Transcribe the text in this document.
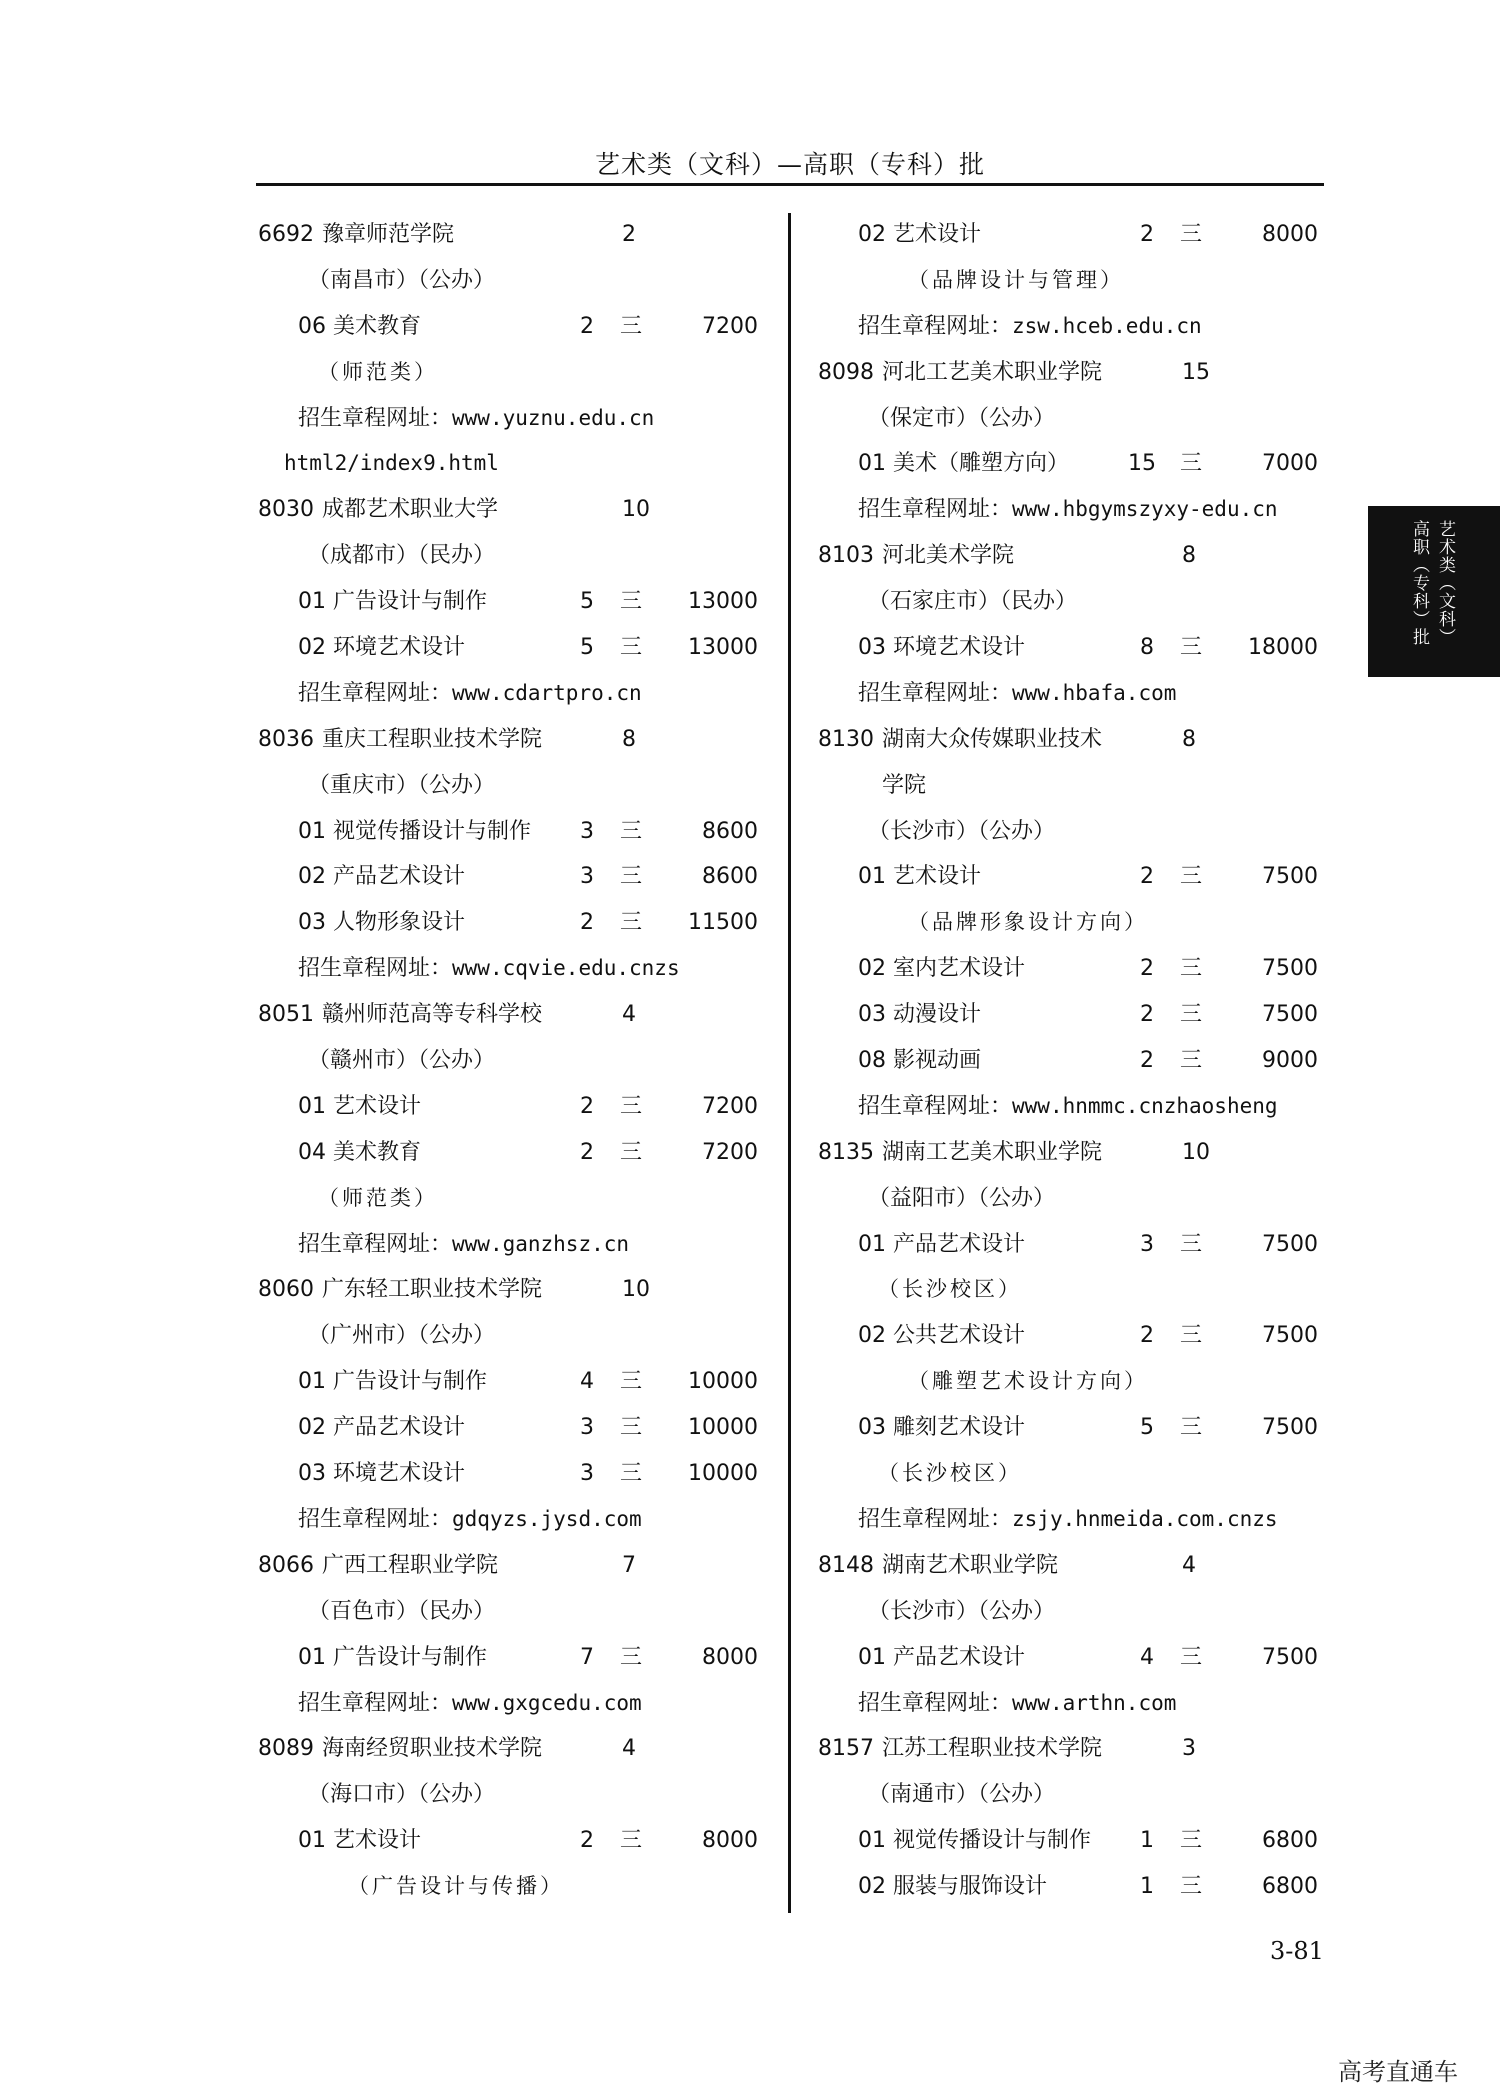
艺术类（文科）—高职（专科）批
6692 豫章师范学院	2
（南昌市）（公办）
06 美术教育	2 三	7200
（师范类）
招生章程网址：www.yuznu.edu.cn
html2/index9.html
8030 成都艺术职业大学	10
（成都市）（民办）
01 广告设计与制作	5 三	13000
02 环境艺术设计	5 三	13000
招生章程网址：www.cdartpro.cn
8036 重庆工程职业技术学院	8
（重庆市）（公办）
01 视觉传播设计与制作	3 三	8600
02 产品艺术设计	3 三	8600
03 人物形象设计	2 三	11500
招生章程网址：www.cqvie.edu.cnzs
8051 赣州师范高等专科学校	4
（赣州市）（公办）
01 艺术设计	2 三	7200
04 美术教育	2 三	7200
（师范类）
招生章程网址：www.ganzhsz.cn
8060 广东轻工职业技术学院	10
（广州市）（公办）
01 广告设计与制作	4 三	10000
02 产品艺术设计	3 三	10000
03 环境艺术设计	3 三	10000
招生章程网址：gdqyzs.jysd.com
8066 广西工程职业学院	7
（百色市）（民办）
01 广告设计与制作	7 三	8000
招生章程网址：www.gxgcedu.com
8089 海南经贸职业技术学院	4
（海口市）（公办）
01 艺术设计	2 三	8000
（广告设计与传播）
02 艺术设计	2 三	8000
（品牌设计与管理）
招生章程网址：zsw.hceb.edu.cn
8098 河北工艺美术职业学院	15
（保定市）（公办）
01 美术（雕塑方向）	15 三	7000
招生章程网址：www.hbgymszyxy-edu.cn
8103 河北美术学院	8
（石家庄市）（民办）
03 环境艺术设计	8 三	18000
招生章程网址：www.hbafa.com
8130 湖南大众传媒职业技术	8
学院
（长沙市）（公办）
01 艺术设计	2 三	7500
（品牌形象设计方向）
02 室内艺术设计	2 三	7500
03 动漫设计	2 三	7500
08 影视动画	2 三	9000
招生章程网址：www.hnmmc.cnzhaosheng
8135 湖南工艺美术职业学院	10
（益阳市）（公办）
01 产品艺术设计	3 三	7500
（长沙校区）
02 公共艺术设计	2 三	7500
（雕塑艺术设计方向）
03 雕刻艺术设计	5 三	7500
（长沙校区）
招生章程网址：zsjy.hnmeida.com.cnzs
8148 湖南艺术职业学院	4
（长沙市）（公办）
01 产品艺术设计	4 三	7500
招生章程网址：www.arthn.com
8157 江苏工程职业技术学院	3
（南通市）（公办）
01 视觉传播设计与制作	1 三	6800
02 服装与服饰设计	1 三	6800
艺术类（文科）
高职（专科）批
3-81
高考直通车
